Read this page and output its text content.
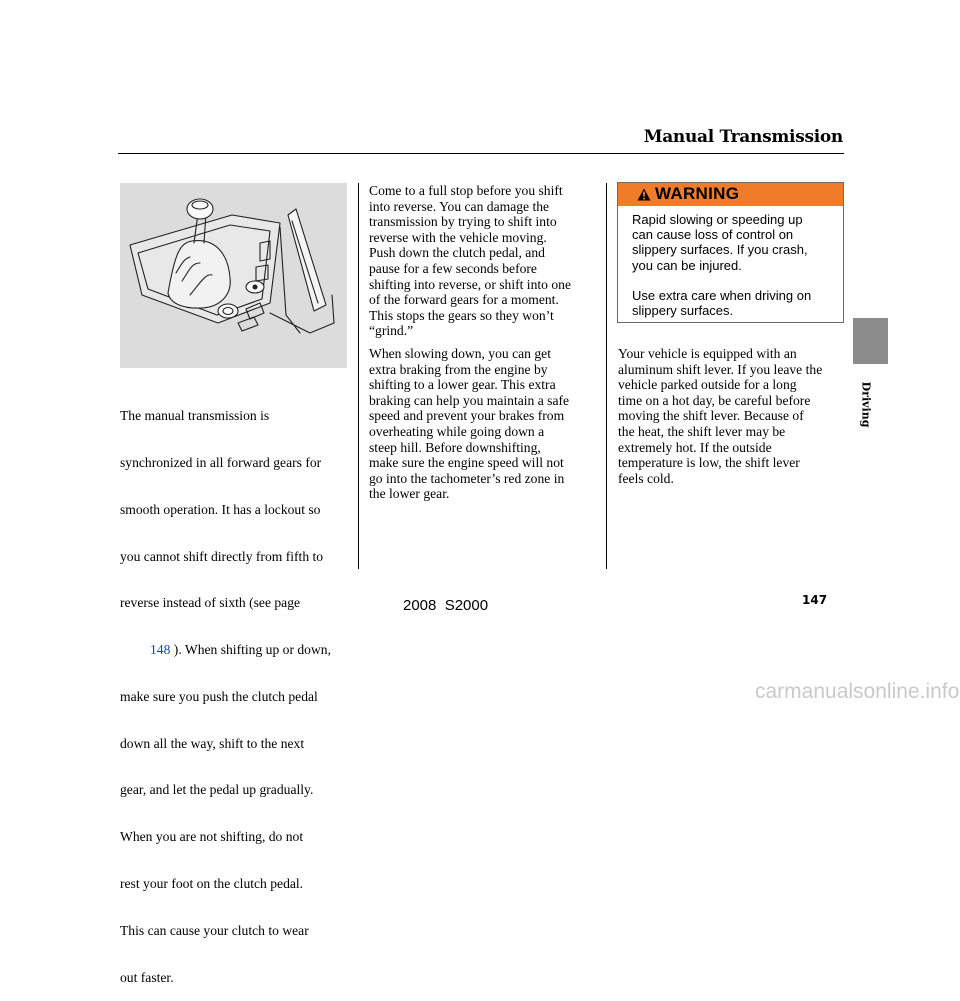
Manual Transmission

The manual transmission is

synchronized in all forward gears for

smooth operation. It has a lockout so

you cannot shift directly from fifth to

reverse instead of sixth (see page

148 ). When shifting up or down,

make sure you push the clutch pedal

down all the way, shift to the next

gear, and let the pedal up gradually.

When you are not shifting, do not

rest your foot on the clutch pedal.

This can cause your clutch to wear

out faster.

Come to a full stop before you shift
into reverse. You can damage the
transmission by trying to shift into
reverse with the vehicle moving.
Push down the clutch pedal, and
pause for a few seconds before
shifting into reverse, or shift into one
of the forward gears for a moment.
This stops the gears so they won’t
“grind.”
When slowing down, you can get
extra braking from the engine by
shifting to a lower gear. This extra
braking can help you maintain a safe
speed and prevent your brakes from
overheating while going down a
steep hill. Before downshifting,
make sure the engine speed will not
go into the tachometer’s red zone in
the lower gear.
WARNING
Rapid slowing or speeding up
can cause loss of control on
slippery surfaces. If you crash,
you can be injured.
Use extra care when driving on
slippery surfaces.
Your vehicle is equipped with an
aluminum shift lever. If you leave the
vehicle parked outside for a long
time on a hot day, be careful before
moving the shift lever. Because of
the heat, the shift lever may be
extremely hot. If the outside
temperature is low, the shift lever
feels cold.
Driving
147
2008  S2000
carmanualsonline.info
